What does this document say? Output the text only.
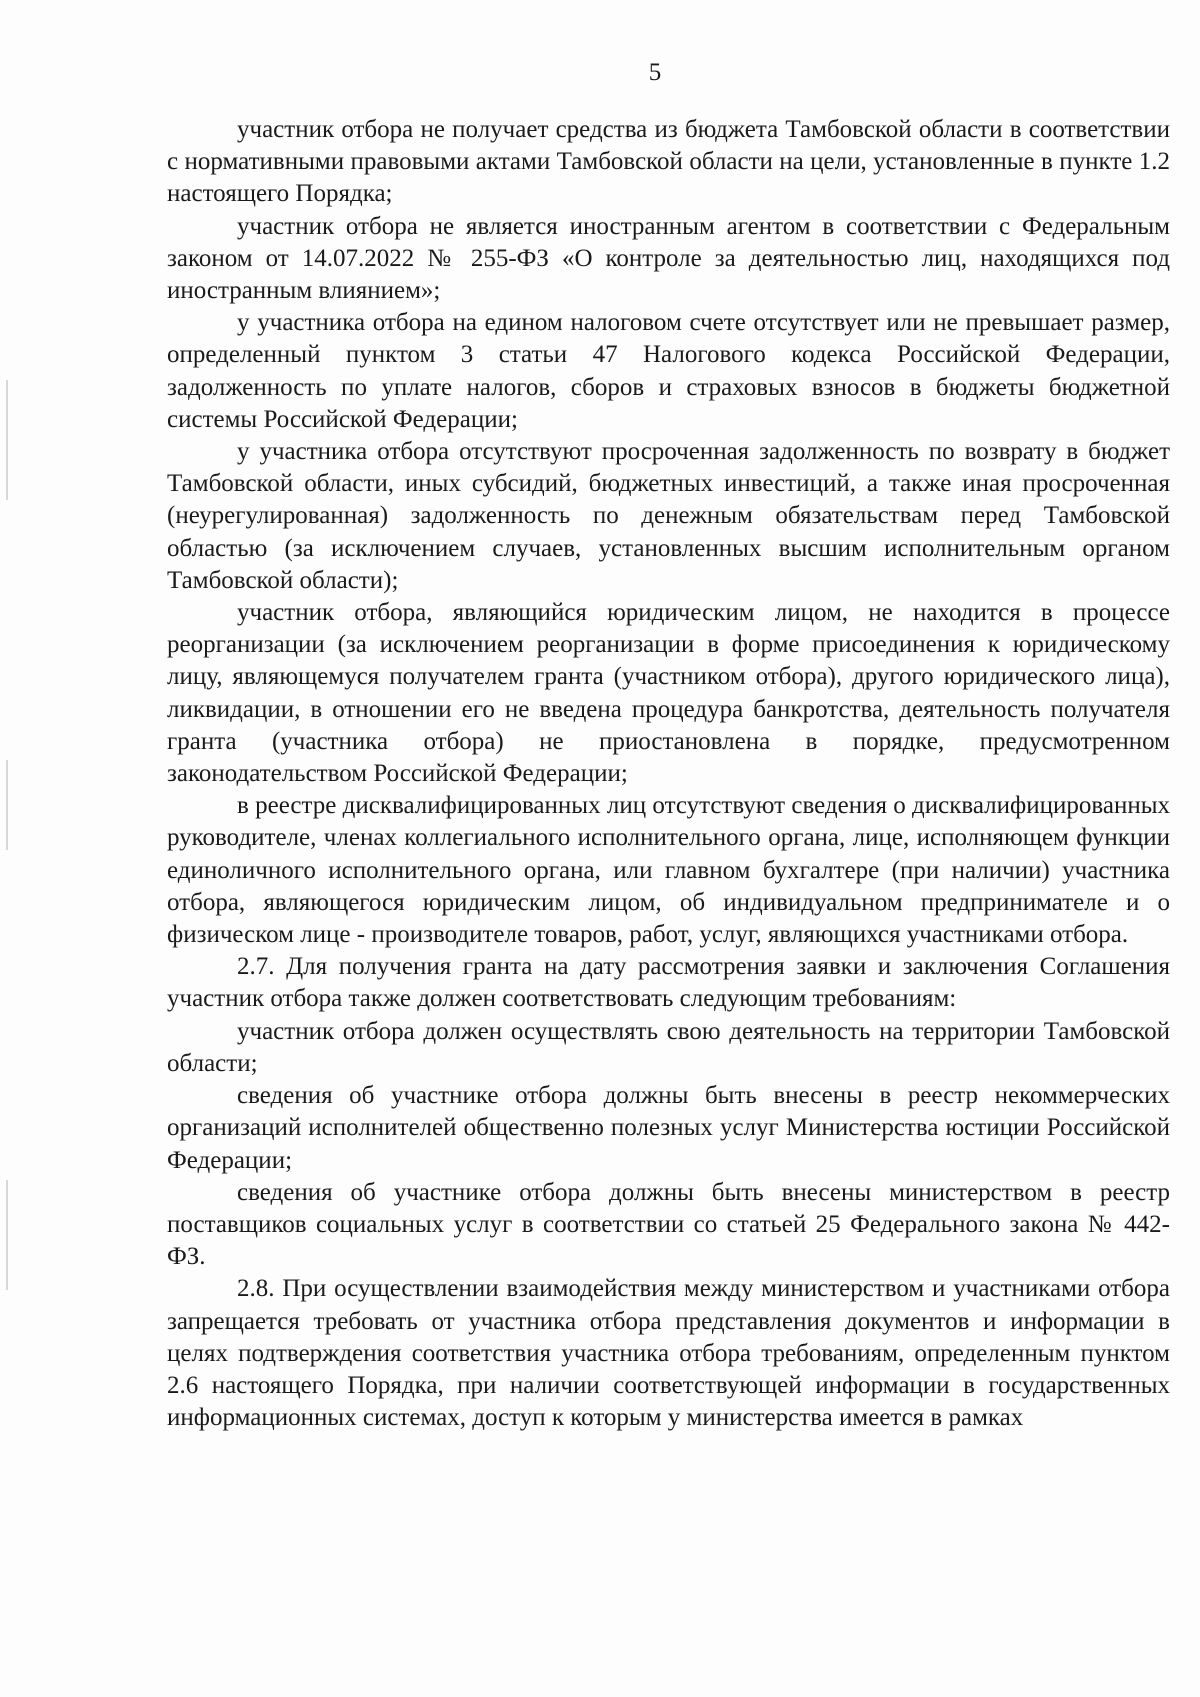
5

участник отбора не получает средства из бюджета Тамбовской области в соответствии с нормативными правовыми актами Тамбовской области на цели, установленные в пункте 1.2 настоящего Порядка;

участник отбора не является иностранным агентом в соответствии с Федеральным законом от 14.07.2022 № 255-ФЗ «О контроле за деятельностью лиц, находящихся под иностранным влиянием»;

у участника отбора на едином налоговом счете отсутствует или не превышает размер, определенный пунктом 3 статьи 47 Налогового кодекса Российской Федерации, задолженность по уплате налогов, сборов и страховых взносов в бюджеты бюджетной системы Российской Федерации;

у участника отбора отсутствуют просроченная задолженность по возврату в бюджет Тамбовской области, иных субсидий, бюджетных инвестиций, а также иная просроченная (неурегулированная) задолженность по денежным обязательствам перед Тамбовской областью (за исключением случаев, установленных высшим исполнительным органом Тамбовской области);

участник отбора, являющийся юридическим лицом, не находится в процессе реорганизации (за исключением реорганизации в форме присоединения к юридическому лицу, являющемуся получателем гранта (участником отбора), другого юридического лица), ликвидации, в отношении его не введена процедура банкротства, деятельность получателя гранта (участника отбора) не приостановлена в порядке, предусмотренном законодательством Российской Федерации;

в реестре дисквалифицированных лиц отсутствуют сведения о дисквалифицированных руководителе, членах коллегиального исполнительного органа, лице, исполняющем функции единоличного исполнительного органа, или главном бухгалтере (при наличии) участника отбора, являющегося юридическим лицом, об индивидуальном предпринимателе и о физическом лице - производителе товаров, работ, услуг, являющихся участниками отбора.

2.7. Для получения гранта на дату рассмотрения заявки и заключения Соглашения участник отбора также должен соответствовать следующим требованиям:

участник отбора должен осуществлять свою деятельность на территории Тамбовской области;

сведения об участнике отбора должны быть внесены в реестр некоммерческих организаций исполнителей общественно полезных услуг Министерства юстиции Российской Федерации;

сведения об участнике отбора должны быть внесены министерством в реестр поставщиков социальных услуг в соответствии со статьей 25 Федерального закона № 442-ФЗ.

2.8. При осуществлении взаимодействия между министерством и участниками отбора запрещается требовать от участника отбора представления документов и информации в целях подтверждения соответствия участника отбора требованиям, определенным пунктом 2.6 настоящего Порядка, при наличии соответствующей информации в государственных информационных системах, доступ к которым у министерства имеется в рамках
